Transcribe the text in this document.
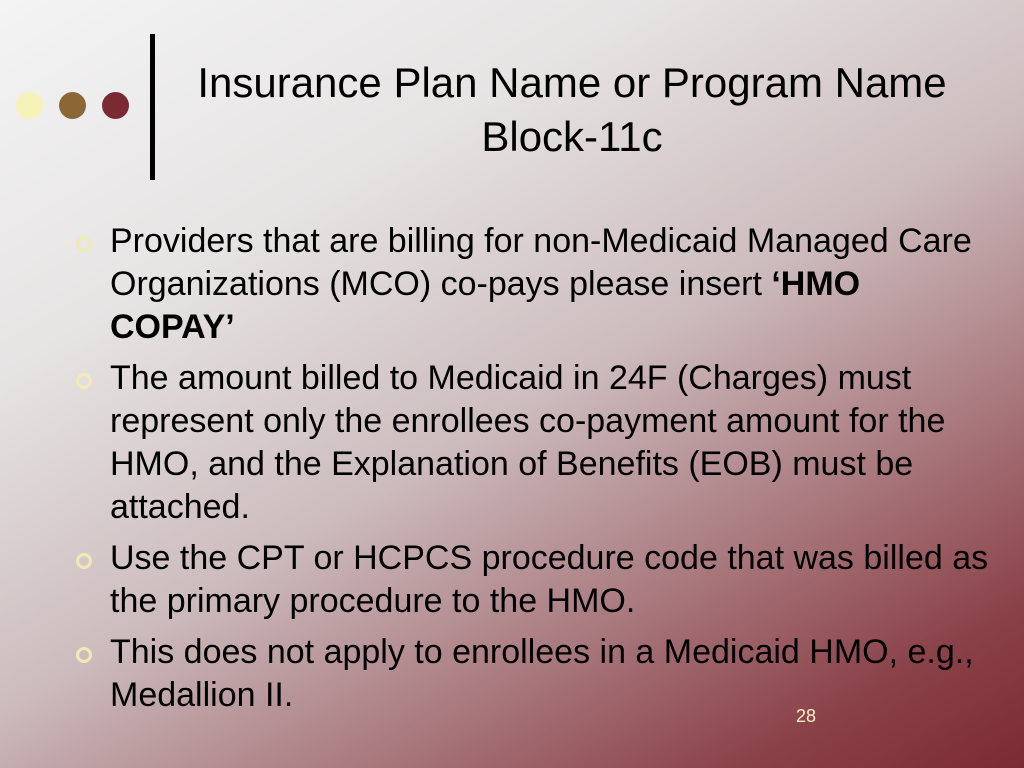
Insurance Plan Name or Program Name
Block-11c
Providers that are billing for non-Medicaid Managed Care Organizations (MCO) co-pays please insert ‘HMO COPAY’
The amount billed to Medicaid in 24F (Charges) must represent only the enrollees co-payment amount for the HMO, and the Explanation of Benefits (EOB) must be attached.
Use the CPT or HCPCS procedure code that was billed as the primary procedure to the HMO.
This does not apply to enrollees in a Medicaid HMO, e.g., Medallion II.
28
